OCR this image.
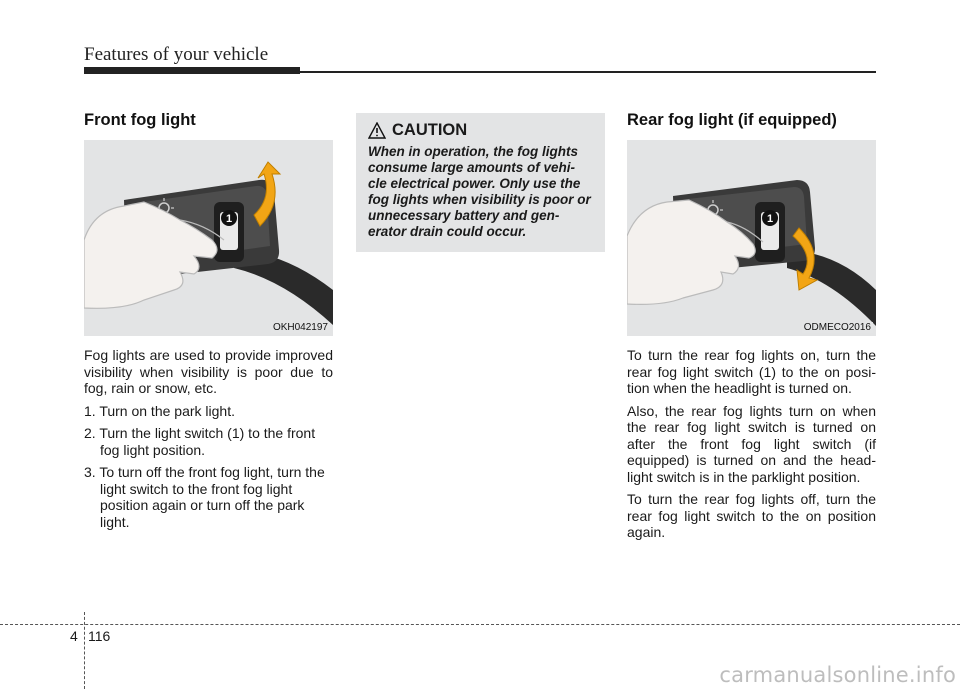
Features of your vehicle
Front fog light
1
OKH042197

Fog lights are used to provide improved visibility when visibility is poor due to fog, rain or snow, etc.

1. Turn on the park light.
2. Turn the light switch (1) to the front fog light position.
3. To turn off the front fog light, turn the light switch to the front fog light position again or turn off the park light.
CAUTION

When in operation, the fog lights consume large amounts of vehi- cle electrical power. Only use the fog lights when visibility is poor or unnecessary battery and gen- erator drain could occur.

Rear fog light (if equipped)
1
ODMECO2016

To turn the rear fog lights on, turn the rear fog light switch (1) to the on posi- tion when the headlight is turned on.

Also, the rear fog lights turn on when the rear fog light switch is turned on after the front fog light switch (if equipped) is turned on and the head- light switch is in the parklight position.

To turn the rear fog lights off, turn the rear fog light switch to the on position again.

4 116
carmanualsonline.info
